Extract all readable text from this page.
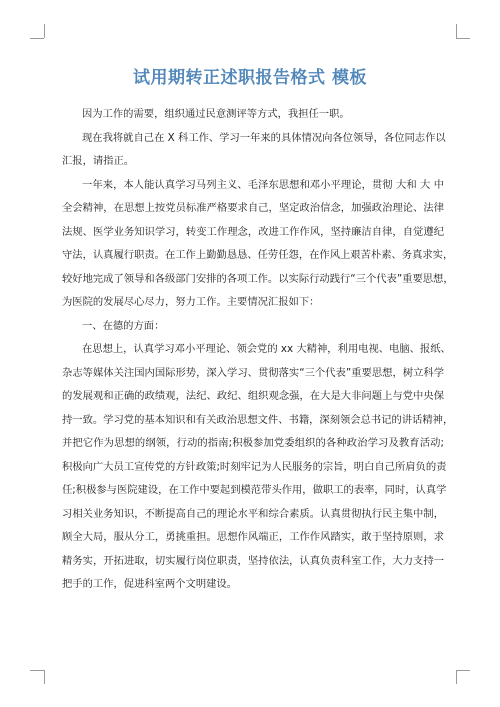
试用期转正述职报告格式 模板
因为工作的需要，组织通过民意测评等方式，我担任一职。
现在我将就自己在 X 科工作、学习一年来的具体情况向各位领导，各位同志作以
汇报，请指正。
一年来，本人能认真学习马列主义、毛泽东思想和邓小平理论，贯彻 大和 大 中
全会精神，在思想上按党员标准严格要求自己，坚定政治信念，加强政治理论、法律
法规、医学业务知识学习，转变工作理念，改进工作作风，坚持廉洁自律，自觉遵纪
守法，认真履行职责。在工作上勤勤恳恳、任劳任怨，在作风上艰苦朴素、务真求实，
较好地完成了领导和各级部门安排的各项工作。以实际行动践行“三个代表”重要思想，
为医院的发展尽心尽力，努力工作。主要情况汇报如下：
一、在德的方面：
在思想上，认真学习邓小平理论、领会党的 xx 大精神，利用电视、电脑、报纸、
杂志等媒体关注国内国际形势，深入学习、贯彻落实“三个代表”重要思想，树立科学
的发展观和正确的政绩观，法纪、政纪、组织观念强，在大是大非问题上与党中央保
持一致。学习党的基本知识和有关政治思想文件、书籍，深刻领会总书记的讲话精神，
并把它作为思想的纲领，行动的指南;积极参加党委组织的各种政治学习及教育活动;
积极向广大员工宣传党的方针政策;时刻牢记为人民服务的宗旨，明白自己所肩负的责
任;积极参与医院建设，在工作中要起到模范带头作用，做职工的表率，同时，认真学
习相关业务知识，不断提高自己的理论水平和综合素质。认真贯彻执行民主集中制，
顾全大局，服从分工，勇挑重担。思想作风端正，工作作风踏实，敢于坚持原则，求
精务实，开拓进取，切实履行岗位职责，坚持依法，认真负责科室工作，大力支持一
把手的工作，促进科室两个文明建设。
